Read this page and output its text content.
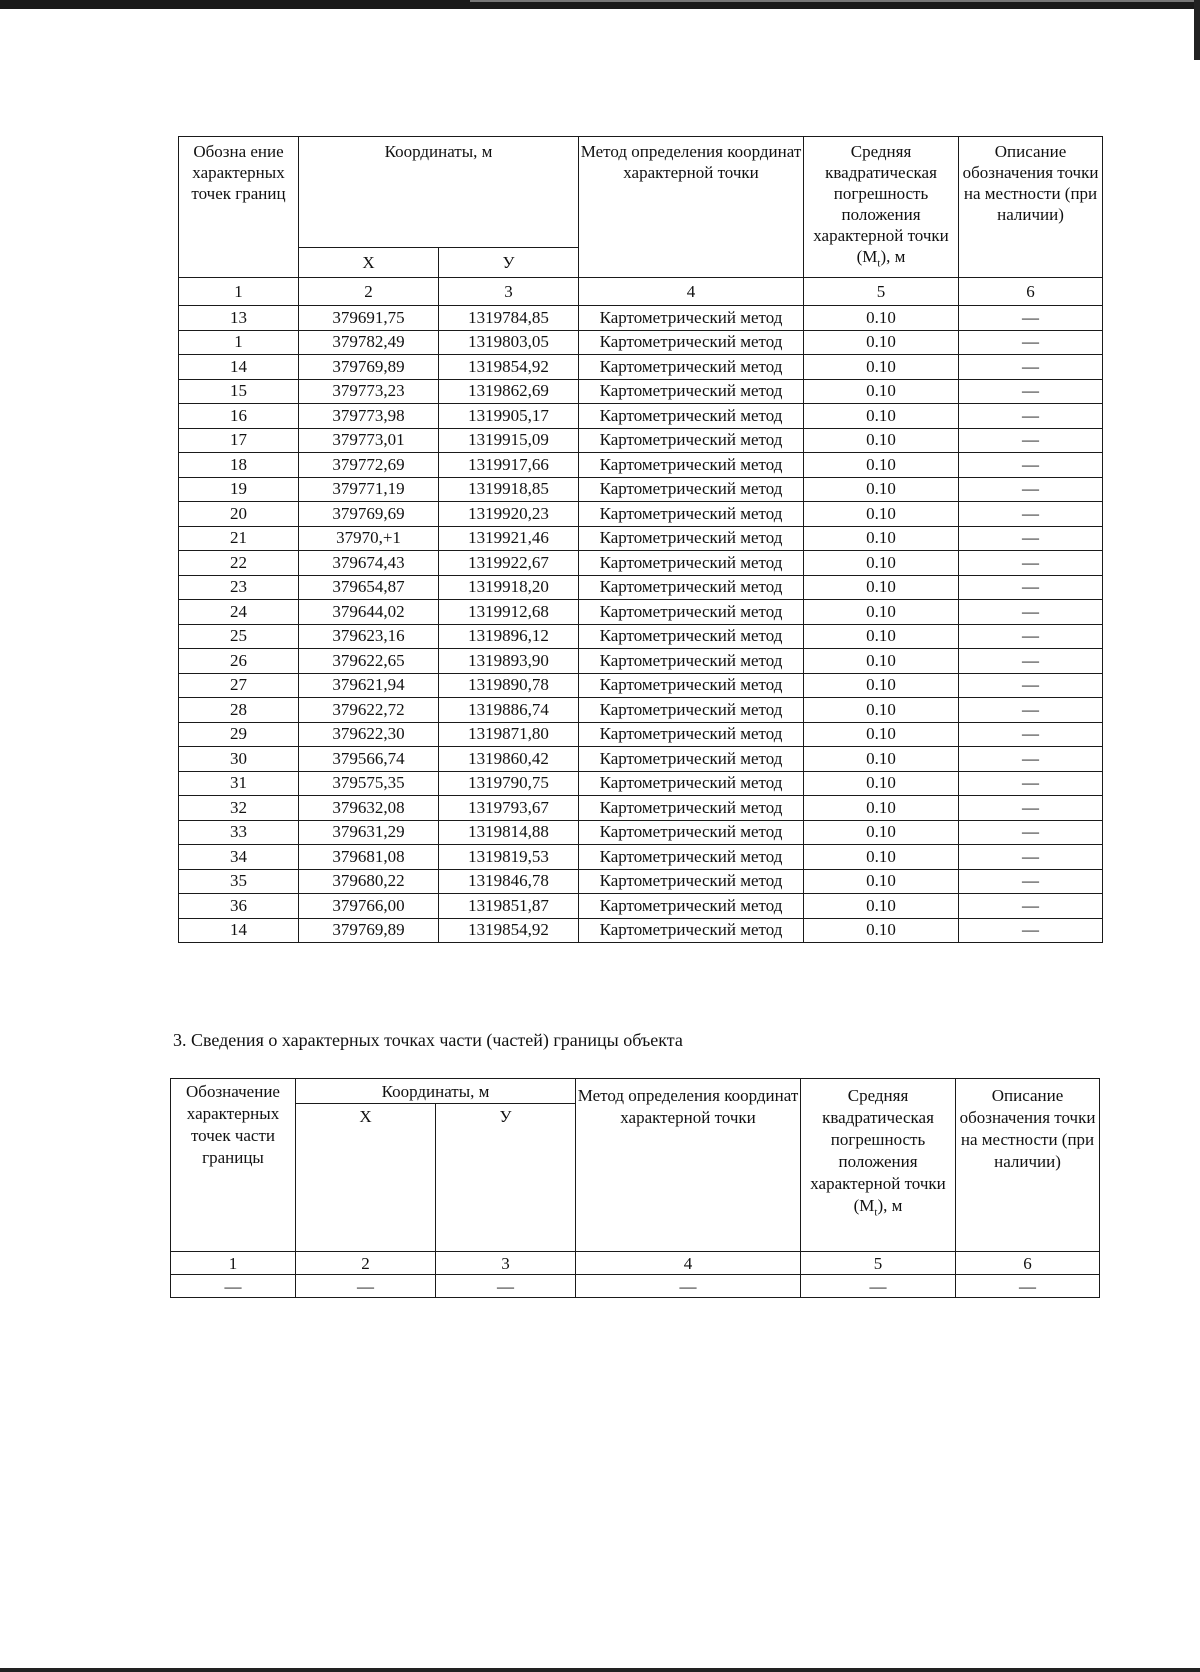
Обозна ение характерных точек границ	Координаты, м		Метод определения координат характерной точки	Средняя квадратическая погрешность положения характерной точки $(M_t)$, м	Описание обозначения точки на местности (при наличии)
	Х	У			
1	2	3	4	5	6
13	379691,75	1319784,85	Картометрический метод	0.10	—
1	379782,49	1319803,05	Картометрический метод	0.10	—
14	379769,89	1319854,92	Картометрический метод	0.10	—
15	379773,23	1319862,69	Картометрический метод	0.10	—
16	379773,98	1319905,17	Картометрический метод	0.10	—
17	379773,01	1319915,09	Картометрический метод	0.10	—
18	379772,69	1319917,66	Картометрический метод	0.10	—
19	379771,19	1319918,85	Картометрический метод	0.10	—
20	379769,69	1319920,23	Картометрический метод	0.10	—
21	37970,+1	1319921,46	Картометрический метод	0.10	—
22	379674,43	1319922,67	Картометрический метод	0.10	—
23	379654,87	1319918,20	Картометрический метод	0.10	—
24	379644,02	1319912,68	Картометрический метод	0.10	—
25	379623,16	1319896,12	Картометрический метод	0.10	—
26	379622,65	1319893,90	Картометрический метод	0.10	—
27	379621,94	1319890,78	Картометрический метод	0.10	—
28	379622,72	1319886,74	Картометрический метод	0.10	—
29	379622,30	1319871,80	Картометрический метод	0.10	—
30	379566,74	1319860,42	Картометрический метод	0.10	—
31	379575,35	1319790,75	Картометрический метод	0.10	—
32	379632,08	1319793,67	Картометрический метод	0.10	—
33	379631,29	1319814,88	Картометрический метод	0.10	—
34	379681,08	1319819,53	Картометрический метод	0.10	—
35	379680,22	1319846,78	Картометрический метод	0.10	—
36	379766,00	1319851,87	Картометрический метод	0.10	—
14	379769,89	1319854,92	Картометрический метод	0.10	—
3. Сведения о характерных точках части (частей) границы объекта
Обозначение характерных точек части границы	Координаты, м		Метод определения координат характерной точки	Средняя квадратическая погрешность положения характерной точки $(M_t)$, м	Описание обозначения точки на местности (при наличии)
	Х	У			
1	2	3	4	5	6
—	—	—	—	—	—
